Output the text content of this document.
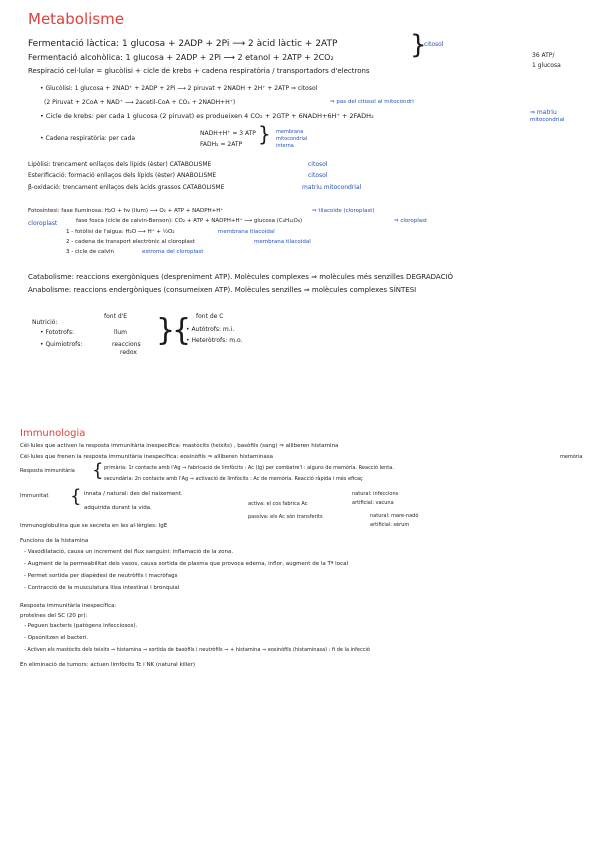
Metabolisme
Fermentació làctica: 1 glucosa + 2ADP + 2Pi ⟶ 2 àcid làctic + 2ATP
Fermentació alcohòlica: 1 glucosa + 2ADP + 2Pi ⟶ 2 etanol + 2ATP + 2CO₂	}
citosol
36 ATP/
1 glucosa
Respiració cel·lular = glucòlisi + cicle de krebs + cadena respiratòria / transportadors d'electrons
• Glucòlisi: 1 glucosa + 2NAD⁺ + 2ADP + 2Pi ⟶ 2 piruvat + 2NADH + 2H⁺ + 2ATP ⇒ citosol
(2 Piruvat + 2CoA + NAD⁺ ⟶ 2acetil-CoA + CO₂ + 2NADH+H⁺)	⇒ pas del citosol al mitocondri
• Cicle de krebs: per cada 1 glucosa (2 piruvat) es produeixen 4 CO₂ + 2GTP + 6NADH+6H⁺ + 2FADH₂	⇒ matriu
mitocondrial
• Cadena respiratòria: per cada
NADH+H⁺ = 3 ATP
FADH₂ = 2ATP } membrana
mitocondrial
interna
Lipòlisi: trencament enllaços dels lípids (èster) CATABOLISME	citosol
Esterificació: formació enllaços dels lípids (èster) ANABOLISME	citosol
β-oxidació: trencament enllaços dels àcids grassos CATABOLISME	matriu mitocondrial
Fotosíntesi: fase lluminosa: H₂O + hν (llum) ⟶ O₂ + ATP + NADPH+H⁺	⇒ tilacoide (cloroplast)
cloroplast	fase fosca (cicle de calvin-Benson): CO₂ + ATP + NADPH+H⁺ ⟶ glucosa (C₆H₁₂O₆)	⇒ cloroplast
1 - fotòlisi de l'aigua: H₂O ⟶ H⁺ + ½O₂	membrana tilacoidal
2 - cadena de transport electrònic al cloroplast	membrana tilacoidal
3 - cicle de calvin	estroma del cloroplast
Catabolisme: reaccions exergòniques (despreniment ATP). Molècules complexes ⇒ molècules més senzilles DEGRADACIÓ
Anabolisme: reaccions endergòniques (consumeixen ATP). Molècules senzilles ⇒ molècules complexes SÍNTESI
Nutrició:
font d'E	font de C
• Fototrofs:	llum
• Quimiotrofs:	reaccions
redox
}
{
• Autòtrofs: m.i.
• Heteròtrofs: m.o.
Immunologia
Cèl·lules que activen la resposta immunitària inespecífica: mastòcits (teixits) , basòfils (sang) ⇒ alliberen histamina
Cèl·lules que frenen la resposta immunitària inespecífica: eosinòfils ⇒ alliberen histaminasa	memòria
Resposta immunitària { primària: 1r contacte amb l'Ag ⇒ fabricació de limfòcits : Ac (Ig) per combatre'l : alguns de memòria. Reacció lenta.
secundària: 2n contacte amb l'Ag ⇒ activació de limfòcits : Ac de memòria. Reacció ràpida i més eficaç
Immunitat { innata / natural: des del naixement.
adquirida durant la vida.
activa: el cos fabrica Ac
passiva: els Ac són transferits
natural: infeccions
artificial: vacuna
natural: mare-nadó
artificial: sèrum
Immunoglobulina que se secreta en les al·lèrgies: IgE
Funcions de la histamina
- Vasodilatació, causa un increment del flux sanguini: inflamació de la zona.
- Augment de la permeabilitat dels vasos, causa sortida de plasma que provoca edema, inflor, augment de la Tª local
- Permet sortida per diapèdesi de neutròfils i macròfags
- Contracció de la musculatura llisa intestinal i bronquial
Resposta immunitària inespecífica:
proteïnes del SC (20 pr):
- Peguen bacteris (patògens infecciosos).
- Opsonitzen el bacteri.
- Activen els mastòcits dels teixits ⇒ histamina ⇒ sortida de basòfils i neutròfils ⇒ + histamina ⇒ eosinòfils (histaminasa) : fi de la infecció
En eliminació de tumors: actuen limfòcits Tc i NK (natural killer)
